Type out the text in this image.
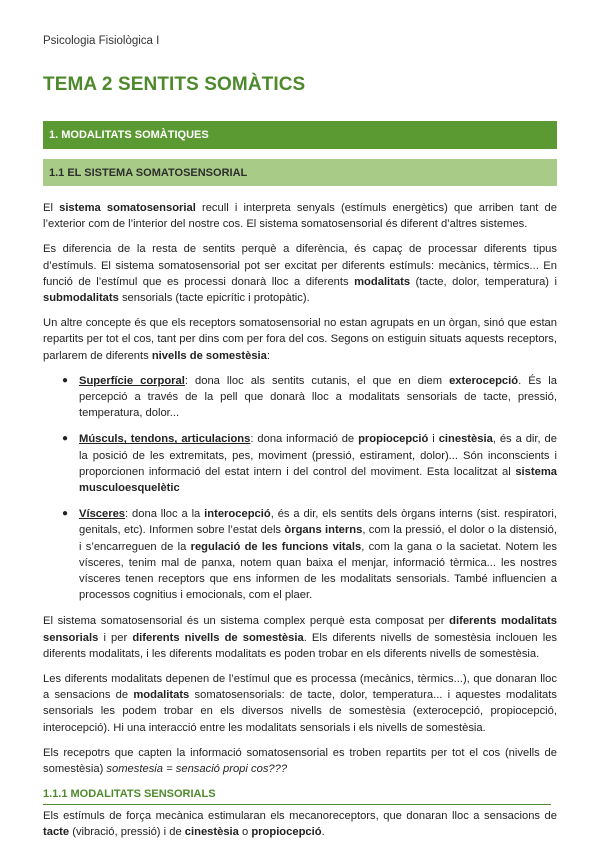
Psicologia Fisiològica I
TEMA 2 SENTITS SOMÀTICS
1. MODALITATS SOMÀTIQUES
1.1 EL SISTEMA SOMATOSENSORIAL

El sistema somatosensorial recull i interpreta senyals (estímuls energètics) que arriben tant de l’exterior com de l’interior del nostre cos. El sistema somatosensorial és diferent d’altres sistemes.

Es diferencia de la resta de sentits perquè a diferència, és capaç de processar diferents tipus d’estímuls. El sistema somatosensorial pot ser excitat per diferents estímuls: mecànics, tèrmics... En funció de l’estímul que es processi donarà lloc a diferents modalitats (tacte, dolor, temperatura) i submodalitats sensorials (tacte epicrític i protopàtic).

Un altre concepte és que els receptors somatosensorial no estan agrupats en un òrgan, sinó que estan repartits per tot el cos, tant per dins com per fora del cos. Segons on estiguin situats aquests receptors, parlarem de diferents nivells de somestèsia:

● Superfície corporal: dona lloc als sentits cutanis, el que en diem exterocepció. És la percepció a través de la pell que donarà lloc a modalitats sensorials de tacte, pressió, temperatura, dolor...
● Músculs, tendons, articulacions: dona informació de propiocepció i cinestèsia, és a dir, de la posició de les extremitats, pes, moviment (pressió, estirament, dolor)... Són inconscients i proporcionen informació del estat intern i del control del moviment. Esta localitzat al sistema musculoesquelètic
● Vísceres: dona lloc a la interocepció, és a dir, els sentits dels òrgans interns (sist. respiratori, genitals, etc). Informen sobre l’estat dels òrgans interns, com la pressió, el dolor o la distensió, i s’encarreguen de la regulació de les funcions vitals, com la gana o la sacietat. Notem les vísceres, tenim mal de panxa, notem quan baixa el menjar, informació tèrmica... les nostres vísceres tenen receptors que ens informen de les modalitats sensorials. També influencien a processos cognitius i emocionals, com el plaer.

El sistema somatosensorial és un sistema complex perquè esta composat per diferents modalitats sensorials i per diferents nivells de somestèsia. Els diferents nivells de somestèsia inclouen les diferents modalitats, i les diferents modalitats es poden trobar en els diferents nivells de somestèsia.

Les diferents modalitats depenen de l’estímul que es processa (mecànics, tèrmics...), que donaran lloc a sensacions de modalitats somatosensorials: de tacte, dolor, temperatura... i aquestes modalitats sensorials les podem trobar en els diversos nivells de somestèsia (exterocepció, propiocepció, interocepció). Hi una interacció entre les modalitats sensorials i els nivells de somestèsia.

Els recepotrs que capten la informació somatosensorial es troben repartits per tot el cos (nivells de somestèsia) somestesia = sensació propi cos???

1.1.1 MODALITATS SENSORIALS

Els estímuls de força mecànica estimularan els mecanoreceptors, que donaran lloc a sensacions de tacte (vibració, pressió) i de cinestèsia o propiocepció.
